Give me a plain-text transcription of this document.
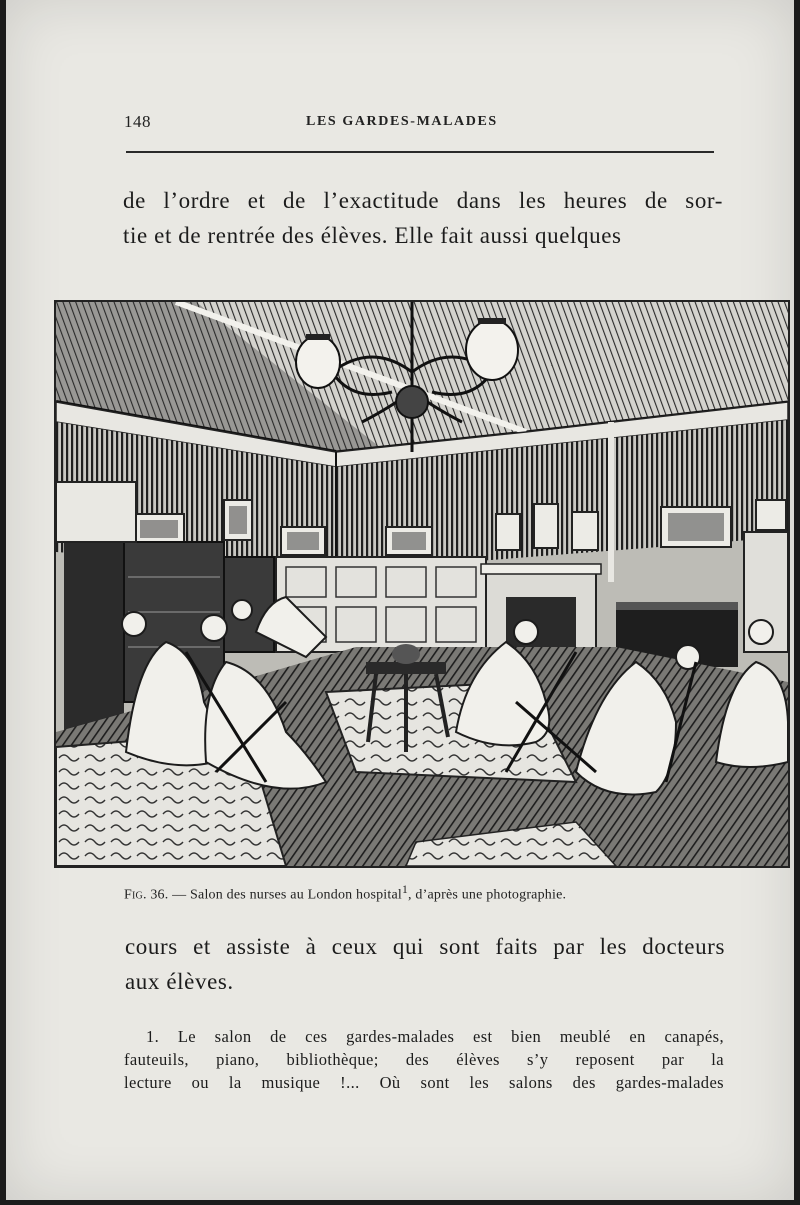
148	LES GARDES-MALADES

de l’ordre et de l’exactitude dans les heures de sor-
tie et de rentrée des élèves. Elle fait aussi quelques

Fig. 36. — Salon des nurses au London hospital$^1$, d’après une photographie.

cours et assiste à ceux qui sont faits par les docteurs
aux élèves.

1. Le salon de ces gardes-malades est bien meublé en canapés,
fauteuils, piano, bibliothèque; des élèves s’y reposent par la
lecture ou la musique !... Où sont les salons des gardes-malades
